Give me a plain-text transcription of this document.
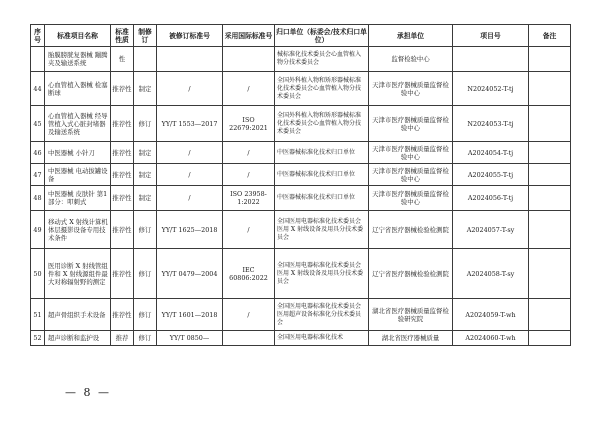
序号	标准项目名称	标准性质	制修订	被修订标准号	采用国际标准号	归口单位（标委会/技术归口单位）	承担单位	项目号	备注
	胎膜膀胱复器械 蹦腾夹及输送系统	性				械标准化技术委员会心血管植入物分技术委员会	监督检验中心		
44	心血管植入器械 检塞断球	推荐性	制定	/	/	全国外科植入物和矫形器械标准化技术委员会心血管植入物分技术委员会	天津市医疗器械质量监督检验中心	N2024052-T-tj	
45	心血管植入器械 经导管植入式心脏封堵器及输送系统	推荐性	修订	YY/T 1553—2017	ISO 22679:2021	全国外科植入物和矫形器械标准化技术委员会心血管植入物分技术委员会	天津市医疗器械质量监督检验中心	N2024053-T-tj	
46	中医器械 小针刀	推荐性	制定	/	/	中医器械标准化技术归口单位	天津市医疗器械质量监督检验中心	A2024054-T-tj	
47	中医器械 电动拔罐设备	推荐性	制定	/	/	中医器械标准化技术归口单位	天津市医疗器械质量监督检验中心	A2024055-T-tj	
48	中医器械 皮肤针 第1部分：叩刺式	推荐性	制定	/	ISO 23958-1:2022	中医器械标准化技术归口单位	天津市医疗器械质量监督检验中心	A2024056-T-tj	
49	移动式 X 射线计算机体层摄影设备专用技术条件	推荐性	修订	YY/T 1625—2018	/	全国医用电器标准化技术委员会医用 X 射线设备及用具分技术委员会	辽宁省医疗器械检验检测院	A2024057-T-sy	
50	医用诊断 X 射线管组件和 X 射线源组件最大对称辐射野的测定	推荐性	修订	YY/T 0479—2004	IEC 60806:2022	全国医用电器标准化技术委员会医用 X 射线设备及用具分技术委员会	辽宁省医疗器械检验检测院	A2024058-T-sy	
51	超声骨组织手术设备	推荐性	修订	YY/T 1601—2018	/	全国医用电器标准化技术委员会医用超声设备标准化分技术委员会	湖北省医疗器械质量监督检验研究院	A2024059-T-wh	
52	超声诊断和监护设	推荐	修订	YY/T 0850—		全国医用电器标准化技术	湖北省医疗器械质量	A2024060-T-wh	
— 8 —
